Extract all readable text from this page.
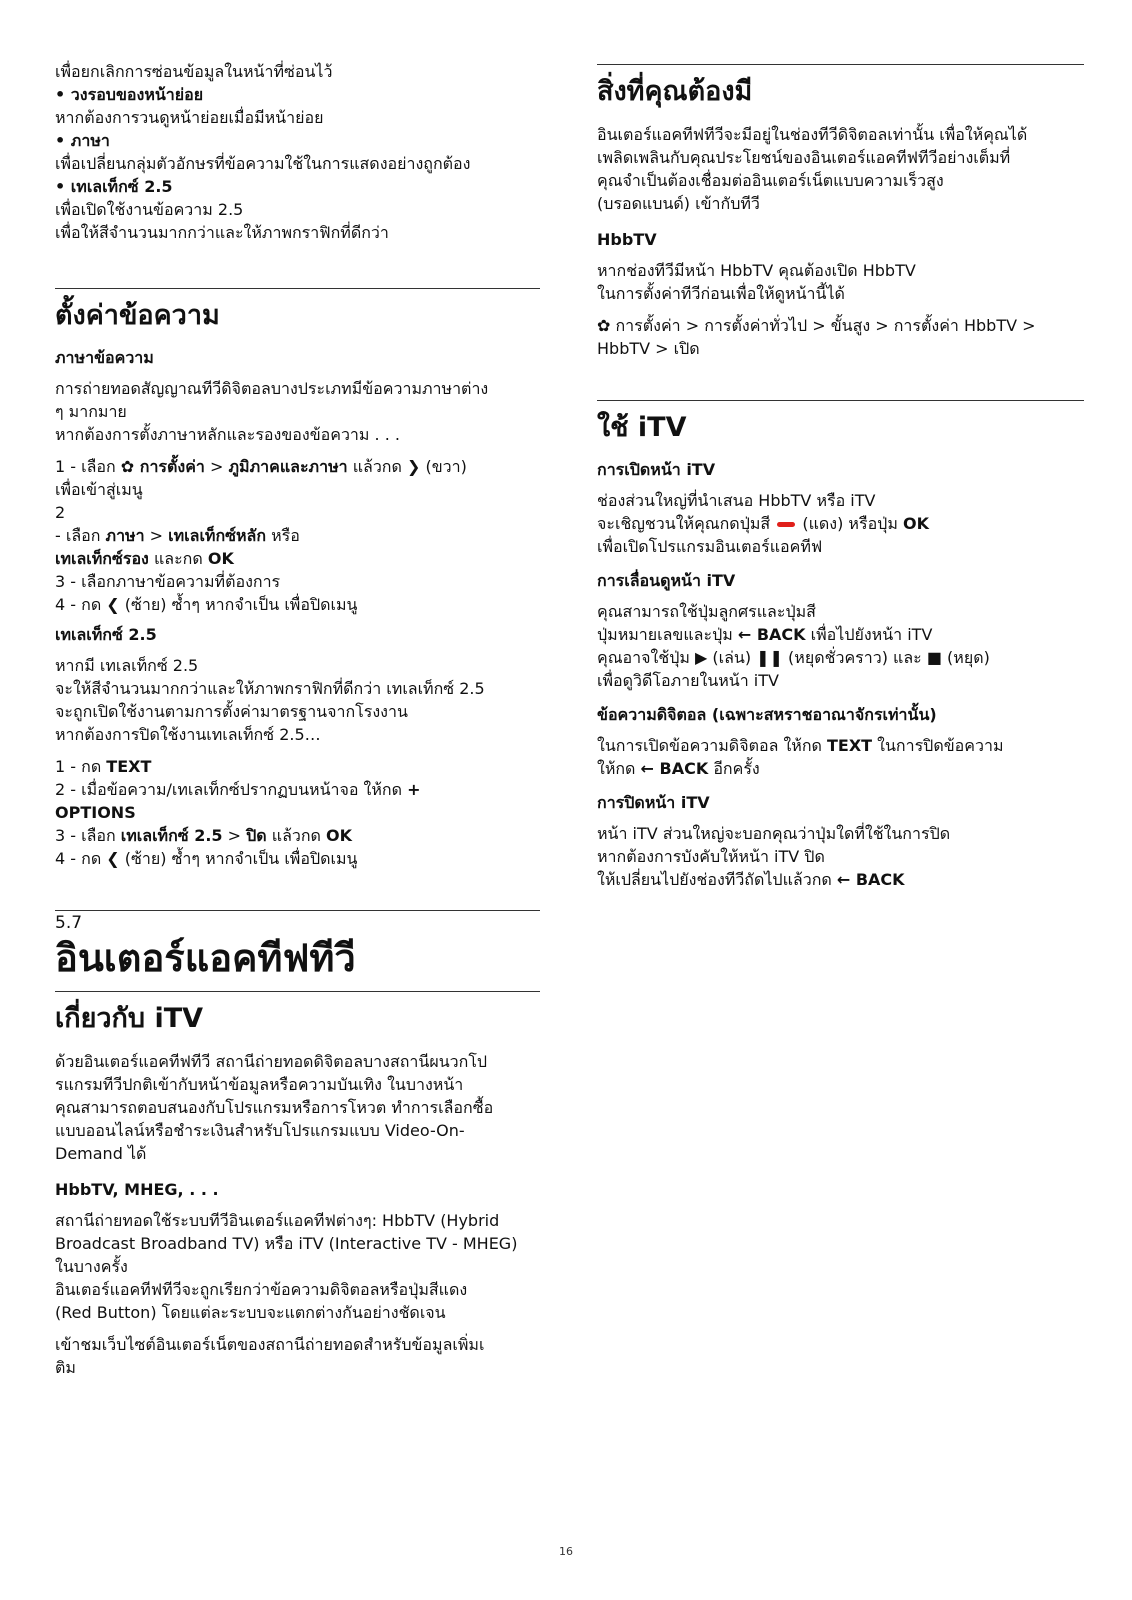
เพื่อยกเลิกการซ่อนข้อมูลในหน้าที่ซ่อนไว้

• วงรอบของหน้าย่อย

หากต้องการวนดูหน้าย่อยเมื่อมีหน้าย่อย

• ภาษา

เพื่อเปลี่ยนกลุ่มตัวอักษรที่ข้อความใช้ในการแสดงอย่างถูกต้อง

• เทเลเท็กซ์ 2.5

เพื่อเปิดใช้งานข้อความ 2.5

เพื่อให้สีจำนวนมากกว่าและให้ภาพกราฟิกที่ดีกว่า

ตั้งค่าข้อความ
ภาษาข้อความ

การถ่ายทอดสัญญาณทีวีดิจิตอลบางประเภทมีข้อความภาษาต่าง

ๆ มากมาย

หากต้องการตั้งภาษาหลักและรองของข้อความ . . .

1 - เลือก ✿ การตั้งค่า > ภูมิภาคและภาษา แล้วกด ❯ (ขวา)

เพื่อเข้าสู่เมนู

2

- เลือก ภาษา > เทเลเท็กซ์หลัก หรือ

เทเลเท็กซ์รอง และกด OK

3 - เลือกภาษาข้อความที่ต้องการ

4 - กด ❮ (ซ้าย) ซ้ำๆ หากจำเป็น เพื่อปิดเมนู

เทเลเท็กซ์ 2.5

หากมี เทเลเท็กซ์ 2.5

จะให้สีจำนวนมากกว่าและให้ภาพกราฟิกที่ดีกว่า เทเลเท็กซ์ 2.5

จะถูกเปิดใช้งานตามการตั้งค่ามาตรฐานจากโรงงาน

หากต้องการปิดใช้งานเทเลเท็กซ์ 2.5…

1 - กด TEXT

2 - เมื่อข้อความ/เทเลเท็กซ์ปรากฏบนหน้าจอ ให้กด +

OPTIONS

3 - เลือก เทเลเท็กซ์ 2.5 > ปิด แล้วกด OK

4 - กด ❮ (ซ้าย) ซ้ำๆ หากจำเป็น เพื่อปิดเมนู

5.7
อินเตอร์แอคทีฟทีวี
เกี่ยวกับ iTV

ด้วยอินเตอร์แอคทีฟทีวี สถานีถ่ายทอดดิจิตอลบางสถานีผนวกโป

รแกรมทีวีปกติเข้ากับหน้าข้อมูลหรือความบันเทิง ในบางหน้า

คุณสามารถตอบสนองกับโปรแกรมหรือการโหวต ทำการเลือกซื้อ

แบบออนไลน์หรือชำระเงินสำหรับโปรแกรมแบบ Video-On-

Demand ได้

HbbTV, MHEG, . . .

สถานีถ่ายทอดใช้ระบบทีวีอินเตอร์แอคทีฟต่างๆ: HbbTV (Hybrid

Broadcast Broadband TV) หรือ iTV (Interactive TV - MHEG)

ในบางครั้ง

อินเตอร์แอคทีฟทีวีจะถูกเรียกว่าข้อความดิจิตอลหรือปุ่มสีแดง

(Red Button) โดยแต่ละระบบจะแตกต่างกันอย่างชัดเจน

เข้าชมเว็บไซต์อินเตอร์เน็ตของสถานีถ่ายทอดสำหรับข้อมูลเพิ่มเ

ติม

สิ่งที่คุณต้องมี

อินเตอร์แอคทีฟทีวีจะมีอยู่ในช่องทีวีดิจิตอลเท่านั้น เพื่อให้คุณได้

เพลิดเพลินกับคุณประโยชน์ของอินเตอร์แอคทีฟทีวีอย่างเต็มที่

คุณจำเป็นต้องเชื่อมต่ออินเตอร์เน็ตแบบความเร็วสูง

(บรอดแบนด์) เข้ากับทีวี

HbbTV

หากช่องทีวีมีหน้า HbbTV คุณต้องเปิด HbbTV

ในการตั้งค่าทีวีก่อนเพื่อให้ดูหน้านี้ได้

✿ การตั้งค่า > การตั้งค่าทั่วไป > ขั้นสูง > การตั้งค่า HbbTV >

HbbTV > เปิด

ใช้ iTV
การเปิดหน้า iTV

ช่องส่วนใหญ่ที่นำเสนอ HbbTV หรือ iTV

จะเชิญชวนให้คุณกดปุ่มสี  (แดง) หรือปุ่ม OK

เพื่อเปิดโปรแกรมอินเตอร์แอคทีฟ

การเลื่อนดูหน้า iTV

คุณสามารถใช้ปุ่มลูกศรและปุ่มสี

ปุ่มหมายเลขและปุ่ม ← BACK เพื่อไปยังหน้า iTV

คุณอาจใช้ปุ่ม ▶ (เล่น) ❚❚ (หยุดชั่วคราว) และ ■ (หยุด)

เพื่อดูวิดีโอภายในหน้า iTV

ข้อความดิจิตอล (เฉพาะสหราชอาณาจักรเท่านั้น)

ในการเปิดข้อความดิจิตอล ให้กด TEXT ในการปิดข้อความ

ให้กด ← BACK อีกครั้ง

การปิดหน้า iTV

หน้า iTV ส่วนใหญ่จะบอกคุณว่าปุ่มใดที่ใช้ในการปิด

หากต้องการบังคับให้หน้า iTV ปิด

ให้เปลี่ยนไปยังช่องทีวีถัดไปแล้วกด ← BACK

16
